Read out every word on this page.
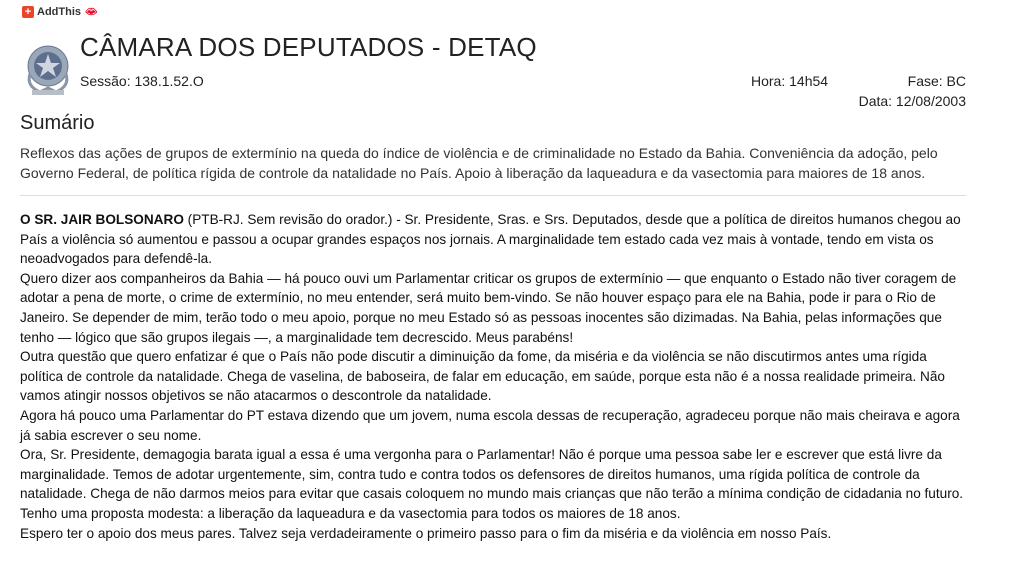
+ AddThis 👄︎
CÂMARA DOS DEPUTADOS - DETAQ
Sessão: 138.1.52.O	Hora: 14h54	Fase: BC
Data: 12/08/2003
Sumário
Reflexos das ações de grupos de extermínio na queda do índice de violência e de criminalidade no Estado da Bahia. Conveniência da adoção, pelo Governo Federal, de política rígida de controle da natalidade no País. Apoio à liberação da laqueadura e da vasectomia para maiores de 18 anos.

O SR. JAIR BOLSONARO (PTB-RJ. Sem revisão do orador.) - Sr. Presidente, Sras. e Srs. Deputados, desde que a política de direitos humanos chegou ao País a violência só aumentou e passou a ocupar grandes espaços nos jornais. A marginalidade tem estado cada vez mais à vontade, tendo em vista os neoadvogados para defendê-la.

Quero dizer aos companheiros da Bahia — há pouco ouvi um Parlamentar criticar os grupos de extermínio — que enquanto o Estado não tiver coragem de adotar a pena de morte, o crime de extermínio, no meu entender, será muito bem-vindo. Se não houver espaço para ele na Bahia, pode ir para o Rio de Janeiro. Se depender de mim, terão todo o meu apoio, porque no meu Estado só as pessoas inocentes são dizimadas. Na Bahia, pelas informações que tenho — lógico que são grupos ilegais —, a marginalidade tem decrescido. Meus parabéns!

Outra questão que quero enfatizar é que o País não pode discutir a diminuição da fome, da miséria e da violência se não discutirmos antes uma rígida política de controle da natalidade. Chega de vaselina, de baboseira, de falar em educação, em saúde, porque esta não é a nossa realidade primeira. Não vamos atingir nossos objetivos se não atacarmos o descontrole da natalidade.

Agora há pouco uma Parlamentar do PT estava dizendo que um jovem, numa escola dessas de recuperação, agradeceu porque não mais cheirava e agora já sabia escrever o seu nome.

Ora, Sr. Presidente, demagogia barata igual a essa é uma vergonha para o Parlamentar! Não é porque uma pessoa sabe ler e escrever que está livre da marginalidade. Temos de adotar urgentemente, sim, contra tudo e contra todos os defensores de direitos humanos, uma rígida política de controle da natalidade. Chega de não darmos meios para evitar que casais coloquem no mundo mais crianças que não terão a mínima condição de cidadania no futuro.

Tenho uma proposta modesta: a liberação da laqueadura e da vasectomia para todos os maiores de 18 anos.

Espero ter o apoio dos meus pares. Talvez seja verdadeiramente o primeiro passo para o fim da miséria e da violência em nosso País.
